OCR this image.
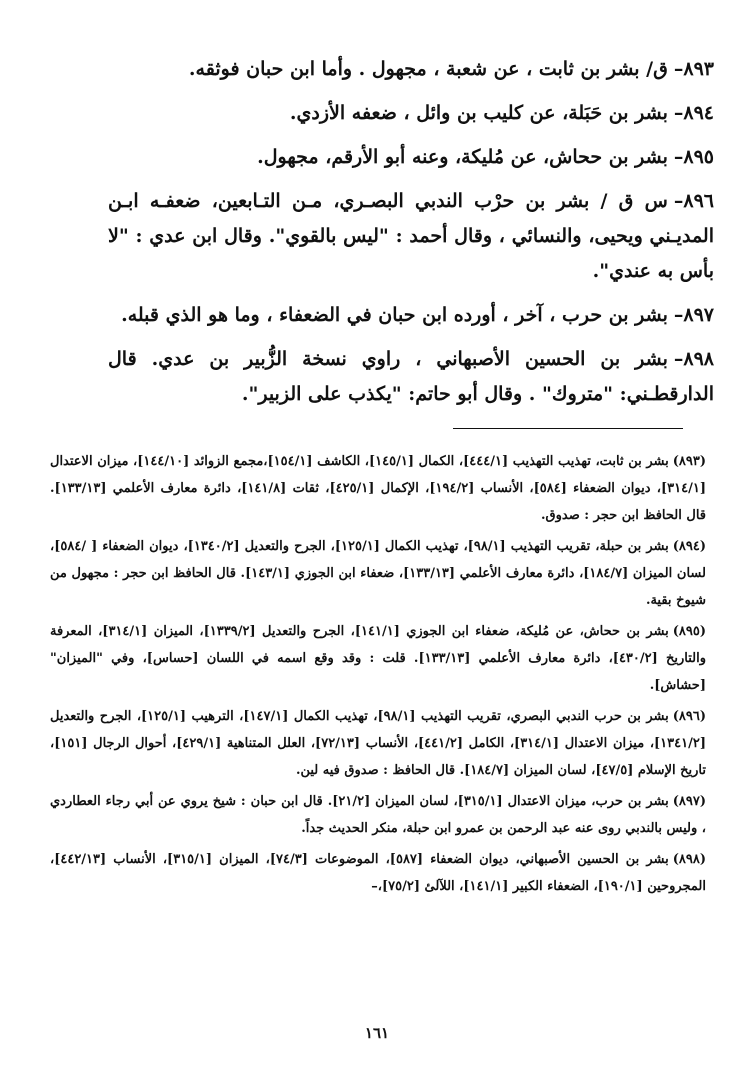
٨٩٣–ق/ بشر بن ثابت ، عن شعبة ، مجهول . وأما ابن حبان فوثقه.
٨٩٤–بشر بن حَبَلة، عن كليب بن وائل ، ضعفه الأزدي.
٨٩٥–بشر بن ححاش، عن مُليكة، وعنه أبو الأرقم، مجهول.
٨٩٦–س ق / بشر بن حرْب الندبي البصـري، مـن التـابعين، ضعفـه ابـن المديـني ويحيى، والنسائي ، وقال أحمد : "ليس بالقوي". وقال ابن عدي : "لا بأس به عندي".
٨٩٧–بشر بن حرب ، آخر ، أورده ابن حبان في الضعفاء ، وما هو الذي قبله.
٨٩٨–بشر بن الحسين الأصبهاني ، راوي نسخة الزُّبير بن عدي. قال الدارقطـني: "متروك" . وقال أبو حاتم: "يكذب على الزبير".
(٨٩٣)بشر بن ثابت، تهذيب التهذيب [٤٤٤/١]، الكمال [١٤٥/١]، الكاشف [١٥٤/١]،مجمع الزوائد [١٤٤/١٠]، ميزان الاعتدال [٣١٤/١]، ديوان الضعفاء [٥٨٤]، الأنساب [١٩٤/٢]، الإكمال [٤٢٥/١]، ثقات [١٤١/٨]، دائرة معارف الأعلمي [١٣٣/١٣]. قال الحافظ ابن حجر : صدوق.
(٨٩٤)بشر بن حبلة، تقريب التهذيب [٩٨/١]، تهذيب الكمال [١٢٥/١]، الجرح والتعديل [١٣٤٠/٢]، ديوان الضعفاء [ /٥٨٤]، لسان الميزان [١٨٤/٧]، دائرة معارف الأعلمي [١٣٣/١٣]، ضعفاء ابن الجوزي [١٤٣/١]. قال الحافظ ابن حجر : مجهول من شيوخ بقية.
(٨٩٥)بشر بن ححاش، عن مُليكة، ضعفاء ابن الجوزي [١٤١/١]، الجرح والتعديل [١٣٣٩/٢]، الميزان [٣١٤/١]، المعرفة والتاريخ [٤٣٠/٢]، دائرة معارف الأعلمي [١٣٣/١٣]. قلت : وقد وقع اسمه في اللسان [حساس]، وفي "الميزان" [حشاش].
(٨٩٦)بشر بن حرب الندبي البصري، تقريب التهذيب [٩٨/١]، تهذيب الكمال [١٤٧/١]، الترهيب [١٢٥/١]، الجرح والتعديل [١٣٤١/٢]، ميزان الاعتدال [٣١٤/١]، الكامل [٤٤١/٢]، الأنساب [٧٢/١٣]، العلل المتناهية [٤٢٩/١]، أحوال الرجال [١٥١]، تاريخ الإسلام [٤٧/٥]، لسان الميزان [١٨٤/٧]. قال الحافظ : صدوق فيه لين.
(٨٩٧)بشر بن حرب، ميزان الاعتدال [٣١٥/١]، لسان الميزان [٢١/٢]. قال ابن حبان : شيخ يروي عن أبي رجاء العطاردي ، وليس بالندبي روى عنه عبد الرحمن بن عمرو ابن حبلة، منكر الحديث جداً.
(٨٩٨)بشر بن الحسين الأصبهاني، ديوان الضعفاء [٥٨٧]، الموضوعات [٧٤/٣]، الميزان [٣١٥/١]، الأنساب [٤٤٢/١٣]، المجروحين [١٩٠/١]، الضعفاء الكبير [١٤١/١]، اللآلئ [٧٥/٢]،–
١٦١
